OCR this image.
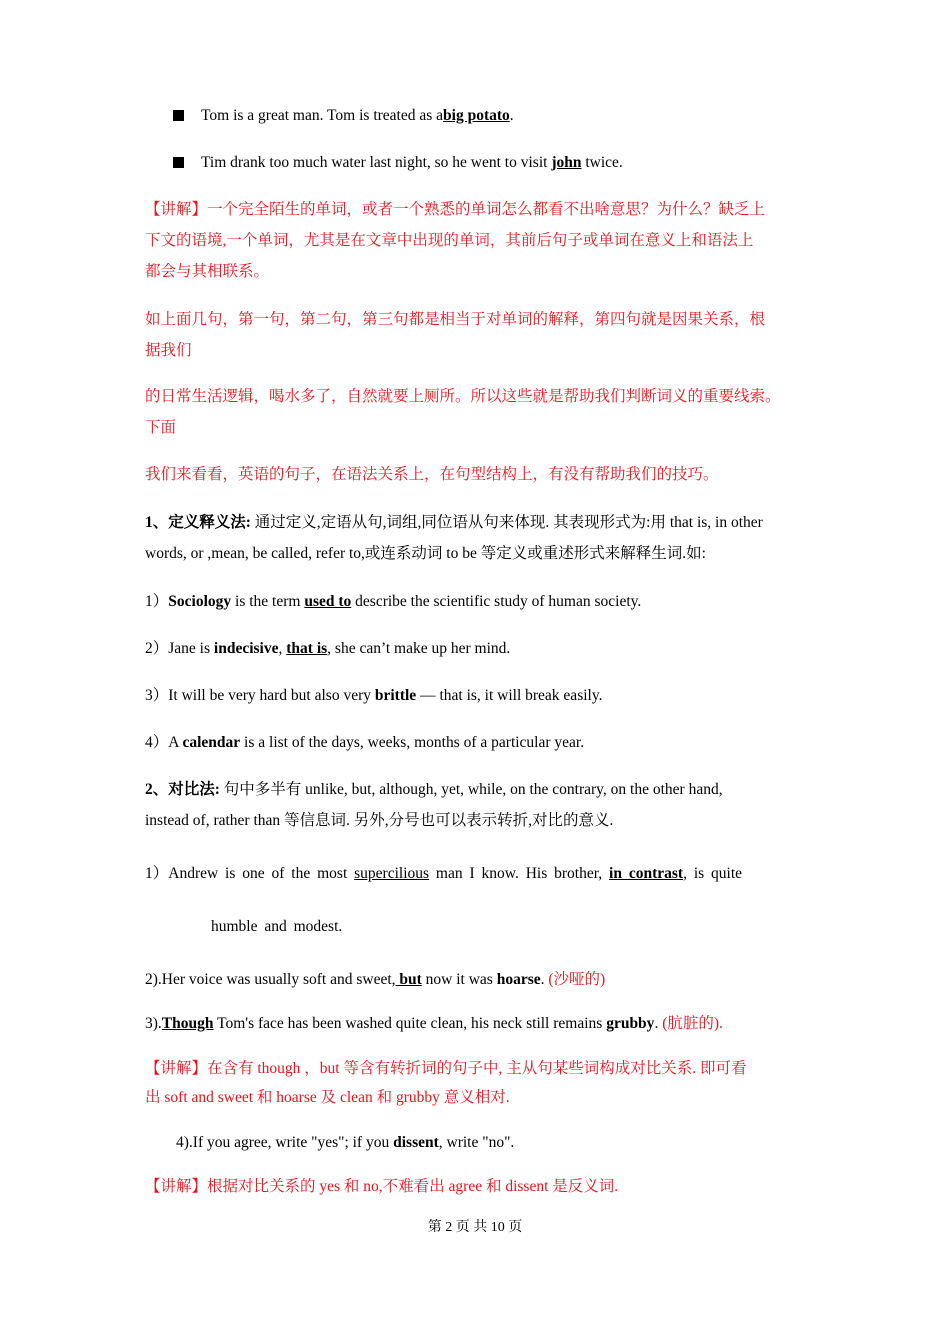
Tom is a great man. Tom is treated as abig potato.
Tim drank too much water last night, so he went to visit john twice.
【讲解】一个完全陌生的单词，或者一个熟悉的单词怎么都看不出啥意思？为什么？缺乏上
下文的语境,一个单词，尤其是在文章中出现的单词，其前后句子或单词在意义上和语法上
都会与其相联系。
如上面几句，第一句，第二句，第三句都是相当于对单词的解释，第四句就是因果关系，根
据我们
的日常生活逻辑，喝水多了，自然就要上厕所。所以这些就是帮助我们判断词义的重要线索。
下面
我们来看看，英语的句子，在语法关系上，在句型结构上，有没有帮助我们的技巧。
1、定义释义法: 通过定义,定语从句,词组,同位语从句来体现. 其表现形式为:用 that is, in other
words, or ,mean, be called, refer to,或连系动词 to be 等定义或重述形式来解释生词.如:
1）Sociology is the term used to describe the scientific study of human society.
2）Jane is indecisive, that is, she can’t make up her mind.
3）It will be very hard but also very brittle — that is, it will break easily.
4）A calendar is a list of the days, weeks, months of a particular year.
2、对比法: 句中多半有 unlike, but, although, yet, while, on the contrary, on the other hand,
instead of, rather than 等信息词. 另外,分号也可以表示转折,对比的意义.
1）Andrew is one of the most supercilious man I know. His brother, in contrast, is quite
humble and modest.
2).Her voice was usually soft and sweet, but now it was hoarse. (沙哑的)
3).Though Tom's face has been washed quite clean, his neck still remains grubby. (肮脏的).
【讲解】在含有 though ，but 等含有转折词的句子中, 主从句某些词构成对比关系. 即可看
出 soft and sweet 和 hoarse 及 clean 和 grubby 意义相对.
4).If you agree, write "yes"; if you dissent, write "no".
【讲解】根据对比关系的 yes 和 no,不难看出 agree 和 dissent 是反义词.
第 2 页 共 10 页
